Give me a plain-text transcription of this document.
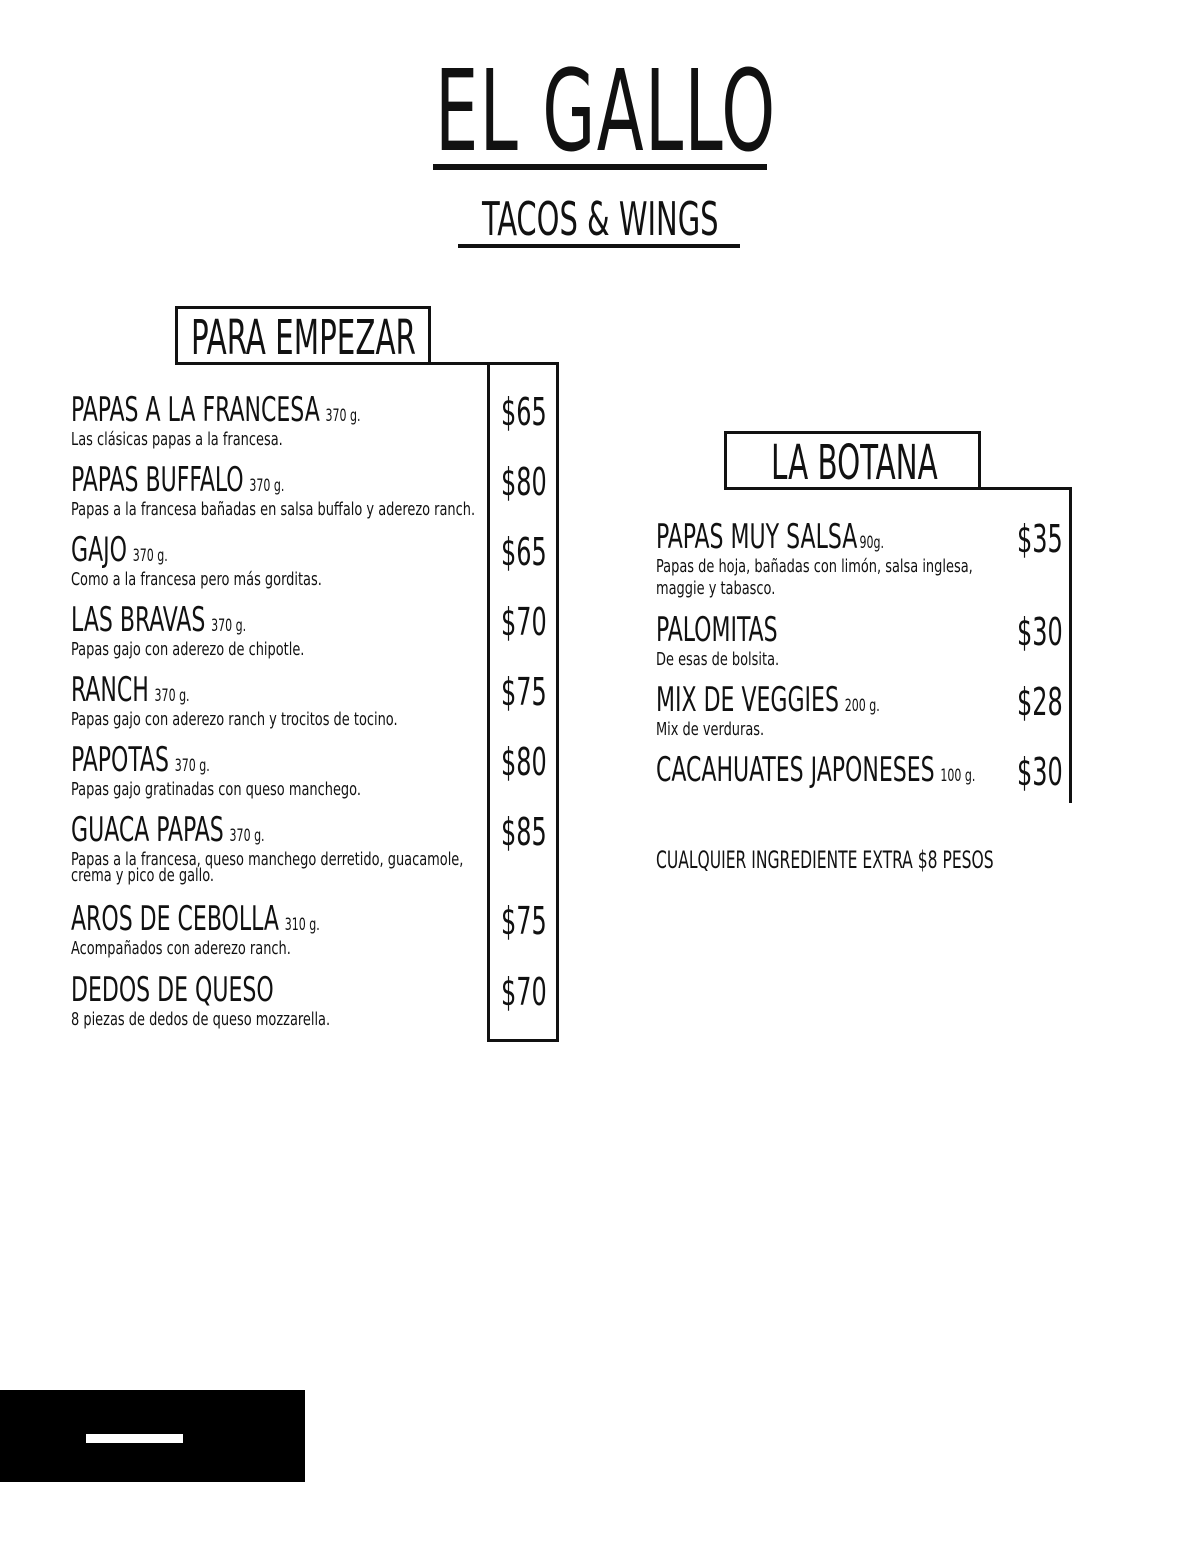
EL GALLO
TACOS & WINGS
PARA EMPEZAR
PAPAS A LA FRANCESA 370 g.
Las clásicas papas a la francesa.
$65
PAPAS BUFFALO 370 g.
Papas a la francesa bañadas en salsa buffalo y aderezo ranch.
$80
GAJO 370 g.
Como a la francesa pero más gorditas.
$65
LAS BRAVAS 370 g.
Papas gajo con aderezo de chipotle.
$70
RANCH 370 g.
Papas gajo con aderezo ranch y trocitos de tocino.
$75
PAPOTAS 370 g.
Papas gajo gratinadas con queso manchego.
$80
GUACA PAPAS 370 g.
Papas a la francesa, queso manchego derretido, guacamole,
crema y pico de gallo.
$85
AROS DE CEBOLLA 310 g.
Acompañados con aderezo ranch.
$75
DEDOS DE QUESO
8 piezas de dedos de queso mozzarella.
$70
LA BOTANA
PAPAS MUY SALSA 90g.
Papas de hoja, bañadas con limón, salsa inglesa,
maggie y tabasco.
$35
PALOMITAS
De esas de bolsita.
$30
MIX DE VEGGIES 200 g.
Mix de verduras.
$28
CACAHUATES JAPONESES 100 g.	$30
CUALQUIER INGREDIENTE EXTRA $8 PESOS
